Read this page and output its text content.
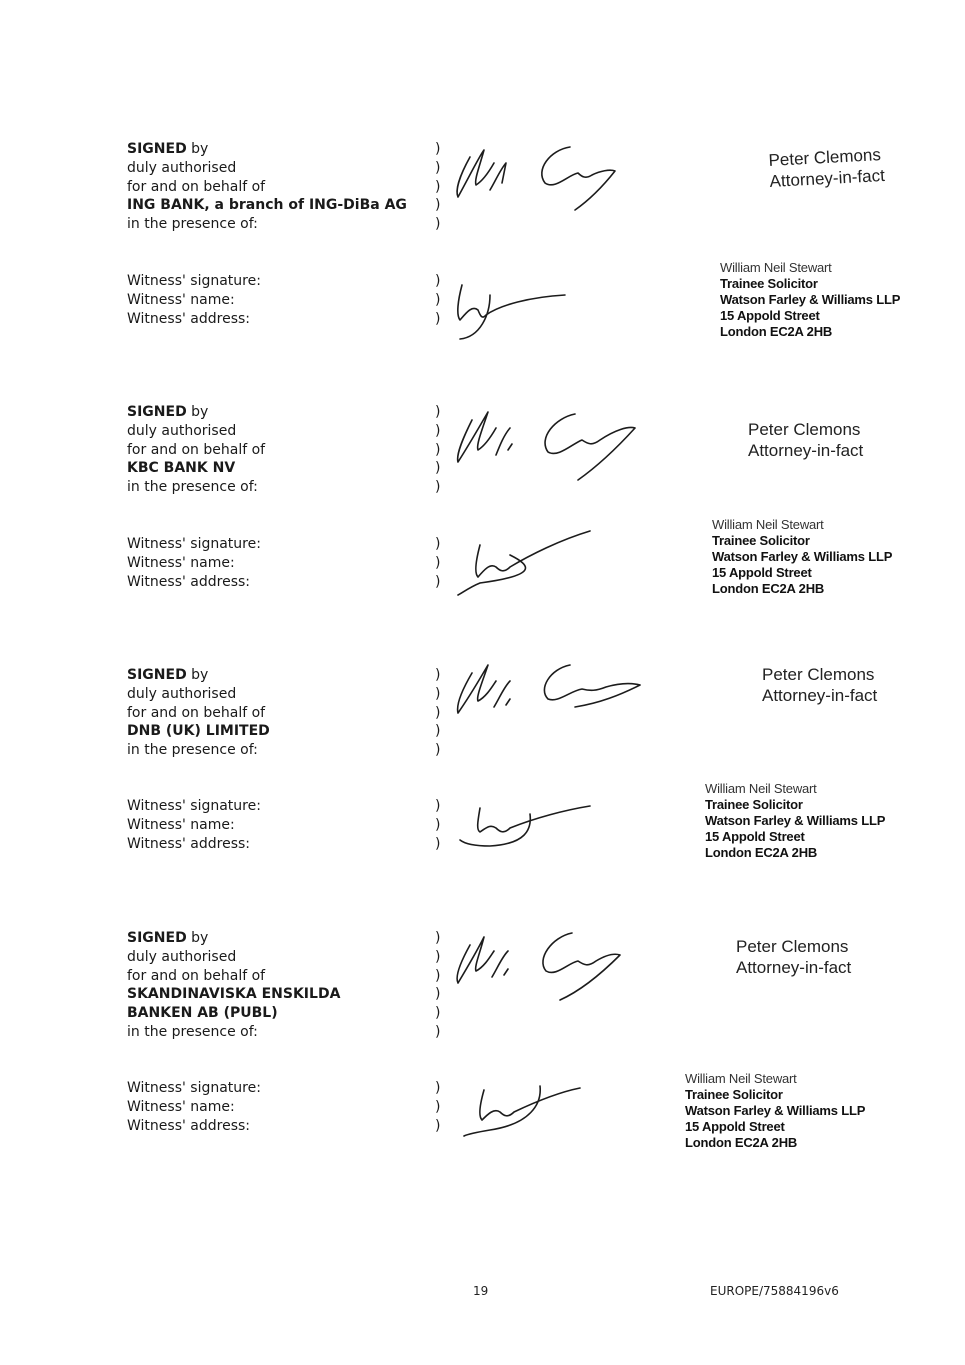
SIGNED by
duly authorised
for and on behalf of
ING BANK, a branch of ING-DiBa AG
in the presence of:
)
)
)
)
)
Peter Clemons
Attorney-in-fact
Witness' signature:
Witness' name:
Witness' address:
)
)
)
William Neil Stewart
Trainee Solicitor
Watson Farley & Williams LLP
15 Appold Street
London EC2A 2HB
SIGNED by
duly authorised
for and on behalf of
KBC BANK NV
in the presence of:
)
)
)
)
)
Peter Clemons
Attorney-in-fact
Witness' signature:
Witness' name:
Witness' address:
)
)
)
William Neil Stewart
Trainee Solicitor
Watson Farley & Williams LLP
15 Appold Street
London EC2A 2HB
SIGNED by
duly authorised
for and on behalf of
DNB (UK) LIMITED
in the presence of:
)
)
)
)
)
Peter Clemons
Attorney-in-fact
Witness' signature:
Witness' name:
Witness' address:
)
)
)
William Neil Stewart
Trainee Solicitor
Watson Farley & Williams LLP
15 Appold Street
London EC2A 2HB
SIGNED by
duly authorised
for and on behalf of
SKANDINAVISKA ENSKILDA
BANKEN AB (PUBL)
in the presence of:
)
)
)
)
)
)
Peter Clemons
Attorney-in-fact
Witness' signature:
Witness' name:
Witness' address:
)
)
)
William Neil Stewart
Trainee Solicitor
Watson Farley & Williams LLP
15 Appold Street
London EC2A 2HB
19	EUROPE/75884196v6
